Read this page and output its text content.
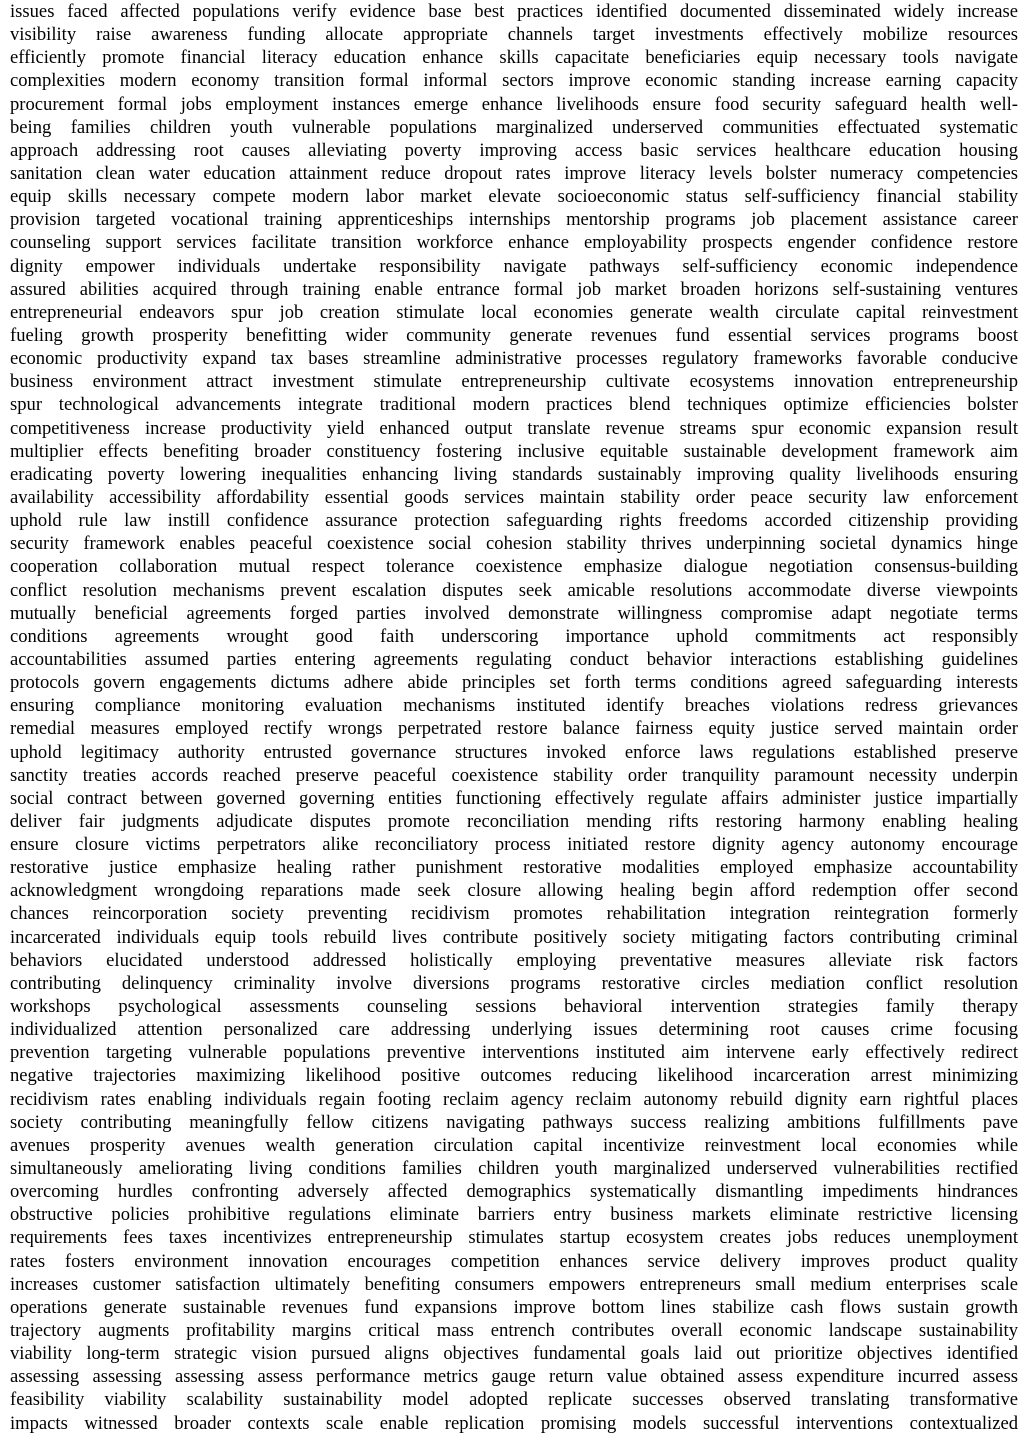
issues faced affected populations verify evidence base best practices identified documented disseminated widely increase
visibility raise awareness funding allocate appropriate channels target investments effectively mobilize resources
efficiently promote financial literacy education enhance skills capacitate beneficiaries equip necessary tools navigate
complexities modern economy transition formal informal sectors improve economic standing increase earning capacity
procurement formal jobs employment instances emerge enhance livelihoods ensure food security safeguard health well-
being families children youth vulnerable populations marginalized underserved communities effectuated systematic
approach addressing root causes alleviating poverty improving access basic services healthcare education housing
sanitation clean water education attainment reduce dropout rates improve literacy levels bolster numeracy competencies
equip skills necessary compete modern labor market elevate socioeconomic status self-sufficiency financial stability
provision targeted vocational training apprenticeships internships mentorship programs job placement assistance career
counseling support services facilitate transition workforce enhance employability prospects engender confidence restore
dignity empower individuals undertake responsibility navigate pathways self-sufficiency economic independence
assured abilities acquired through training enable entrance formal job market broaden horizons self-sustaining ventures
entrepreneurial endeavors spur job creation stimulate local economies generate wealth circulate capital reinvestment
fueling growth prosperity benefitting wider community generate revenues fund essential services programs boost
economic productivity expand tax bases streamline administrative processes regulatory frameworks favorable conducive
business environment attract investment stimulate entrepreneurship cultivate ecosystems innovation entrepreneurship
spur technological advancements integrate traditional modern practices blend techniques optimize efficiencies bolster
competitiveness increase productivity yield enhanced output translate revenue streams spur economic expansion result
multiplier effects benefiting broader constituency fostering inclusive equitable sustainable development framework aim
eradicating poverty lowering inequalities enhancing living standards sustainably improving quality livelihoods ensuring
availability accessibility affordability essential goods services maintain stability order peace security law enforcement
uphold rule law instill confidence assurance protection safeguarding rights freedoms accorded citizenship providing
security framework enables peaceful coexistence social cohesion stability thrives underpinning societal dynamics hinge
cooperation collaboration mutual respect tolerance coexistence emphasize dialogue negotiation consensus-building
conflict resolution mechanisms prevent escalation disputes seek amicable resolutions accommodate diverse viewpoints
mutually beneficial agreements forged parties involved demonstrate willingness compromise adapt negotiate terms
conditions agreements wrought good faith underscoring importance uphold commitments act responsibly
accountabilities assumed parties entering agreements regulating conduct behavior interactions establishing guidelines
protocols govern engagements dictums adhere abide principles set forth terms conditions agreed safeguarding interests
ensuring compliance monitoring evaluation mechanisms instituted identify breaches violations redress grievances
remedial measures employed rectify wrongs perpetrated restore balance fairness equity justice served maintain order
uphold legitimacy authority entrusted governance structures invoked enforce laws regulations established preserve
sanctity treaties accords reached preserve peaceful coexistence stability order tranquility paramount necessity underpin
social contract between governed governing entities functioning effectively regulate affairs administer justice impartially
deliver fair judgments adjudicate disputes promote reconciliation mending rifts restoring harmony enabling healing
ensure closure victims perpetrators alike reconciliatory process initiated restore dignity agency autonomy encourage
restorative justice emphasize healing rather punishment restorative modalities employed emphasize accountability
acknowledgment wrongdoing reparations made seek closure allowing healing begin afford redemption offer second
chances reincorporation society preventing recidivism promotes rehabilitation integration reintegration formerly
incarcerated individuals equip tools rebuild lives contribute positively society mitigating factors contributing criminal
behaviors elucidated understood addressed holistically employing preventative measures alleviate risk factors
contributing delinquency criminality involve diversions programs restorative circles mediation conflict resolution
workshops psychological assessments counseling sessions behavioral intervention strategies family therapy
individualized attention personalized care addressing underlying issues determining root causes crime focusing
prevention targeting vulnerable populations preventive interventions instituted aim intervene early effectively redirect
negative trajectories maximizing likelihood positive outcomes reducing likelihood incarceration arrest minimizing
recidivism rates enabling individuals regain footing reclaim agency reclaim autonomy rebuild dignity earn rightful places
society contributing meaningfully fellow citizens navigating pathways success realizing ambitions fulfillments pave
avenues prosperity avenues wealth generation circulation capital incentivize reinvestment local economies while
simultaneously ameliorating living conditions families children youth marginalized underserved vulnerabilities rectified
overcoming hurdles confronting adversely affected demographics systematically dismantling impediments hindrances
obstructive policies prohibitive regulations eliminate barriers entry business markets eliminate restrictive licensing
requirements fees taxes incentivizes entrepreneurship stimulates startup ecosystem creates jobs reduces unemployment
rates fosters environment innovation encourages competition enhances service delivery improves product quality
increases customer satisfaction ultimately benefiting consumers empowers entrepreneurs small medium enterprises scale
operations generate sustainable revenues fund expansions improve bottom lines stabilize cash flows sustain growth
trajectory augments profitability margins critical mass entrench contributes overall economic landscape sustainability
viability long-term strategic vision pursued aligns objectives fundamental goals laid out prioritize objectives identified
assessing assessing assessing assess performance metrics gauge return value obtained assess expenditure incurred assess
feasibility viability scalability sustainability model adopted replicate successes observed translating transformative
impacts witnessed broader contexts scale enable replication promising models successful interventions contextualized
